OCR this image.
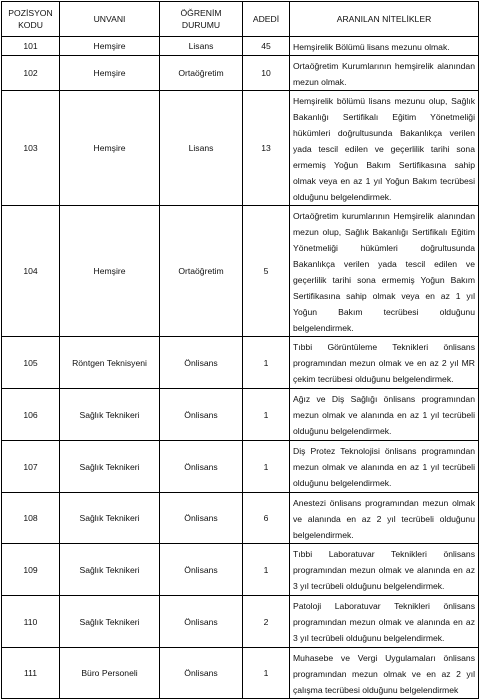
POZİSYON KODU	UNVANI	ÖĞRENİM DURUMU	ADEDİ	ARANILAN NİTELİKLER
101	Hemşire	Lisans	45	Hemşirelik Bölümü lisans mezunu olmak.
102	Hemşire	Ortaöğretim	10	Ortaöğretim Kurumlarının hemşirelik alanından mezun olmak.
103	Hemşire	Lisans	13	Hemşirelik bölümü lisans mezunu olup, Sağlık Bakanlığı Sertifikalı Eğitim Yönetmeliği hükümleri doğrultusunda Bakanlıkça verilen yada tescil edilen ve geçerlilik tarihi sona ermemiş Yoğun Bakım Sertifikasına sahip olmak veya en az 1 yıl Yoğun Bakım tecrübesi olduğunu belgelendirmek.
104	Hemşire	Ortaöğretim	5	Ortaöğretim kurumlarının Hemşirelik alanından mezun olup, Sağlık Bakanlığı Sertifikalı Eğitim Yönetmeliği hükümleri doğrultusunda Bakanlıkça verilen yada tescil edilen ve geçerlilik tarihi sona ermemiş Yoğun Bakım Sertifikasına sahip olmak veya en az 1 yıl Yoğun Bakım tecrübesi olduğunu belgelendirmek.
105	Röntgen Teknisyeni	Önlisans	1	Tıbbi Görüntüleme Teknikleri önlisans programından mezun olmak ve en az 2 yıl MR çekim tecrübesi olduğunu belgelendirmek.
106	Sağlık Teknikeri	Önlisans	1	Ağız ve Diş Sağlığı önlisans programından mezun olmak ve alanında en az 1 yıl tecrübeli olduğunu belgelendirmek.
107	Sağlık Teknikeri	Önlisans	1	Diş Protez Teknolojisi önlisans programından mezun olmak ve alanında en az 1 yıl tecrübeli olduğunu belgelendirmek.
108	Sağlık Teknikeri	Önlisans	6	Anestezi önlisans programından mezun olmak ve alanında en az 2 yıl tecrübeli olduğunu belgelendirmek.
109	Sağlık Teknikeri	Önlisans	1	Tıbbi Laboratuvar Teknikleri önlisans programından mezun olmak ve alanında en az 3 yıl tecrübeli olduğunu belgelendirmek.
110	Sağlık Teknikeri	Önlisans	2	Patoloji Laboratuvar Teknikleri önlisans programından mezun olmak ve alanında en az 3 yıl tecrübeli olduğunu belgelendirmek.
111	Büro Personeli	Önlisans	1	Muhasebe ve Vergi Uygulamaları önlisans programından mezun olmak ve en az 2 yıl çalışma tecrübesi olduğunu belgelendirmek
